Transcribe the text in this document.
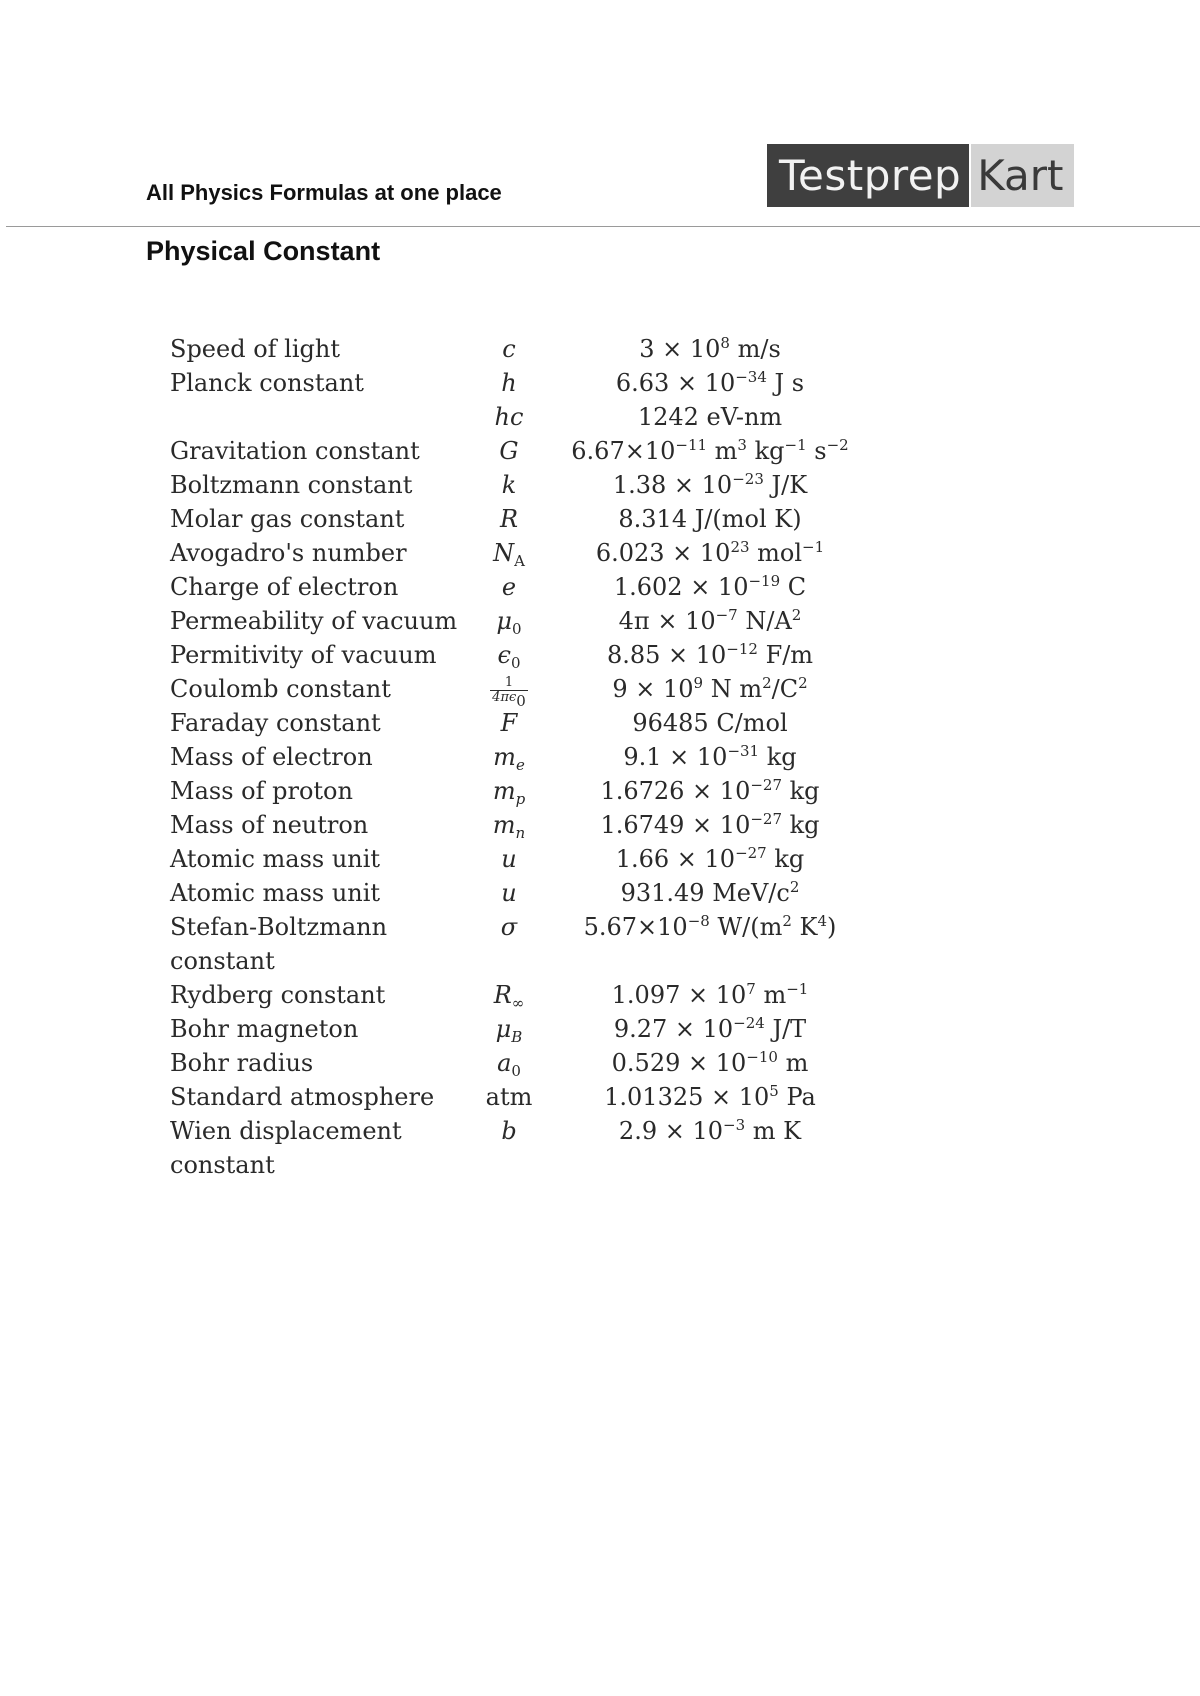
All Physics Formulas at one place	Testprep Kart
Physical Constant
Speed of light	c	$3 \times 10^8$ m/s
Planck constant	h	$6.63 \times 10^{-34}$ J s
	hc	1242 eV-nm
Gravitation constant	G	$6.67\times 10^{-11}$ $m^3$ $kg^{-1}$ $s^{-2}$
Boltzmann constant	k	$1.38 \times 10^{-23}$ J/K
Molar gas constant	R	8.314 J/(mol K)
Avogadro's number	$N_A$	$6.023 \times 10^{23}$ mol$^{-1}$
Charge of electron	e	$1.602 \times 10^{-19}$ C
Permeability of vacuum	$\mu_0$	$4\pi \times 10^{-7}$ $N/A^2$
Permitivity of vacuum	$\epsilon_0$	$8.85 \times 10^{-12}$ F/m
Coulomb constant	$\frac{1}{4\pi\epsilon_0}$	$9 \times 10^9$ N $m^2/C^2$
Faraday constant	F	96485 C/mol
Mass of electron	$m_e$	$9.1 \times 10^{-31}$ kg
Mass of proton	$m_p$	$1.6726 \times 10^{-27}$ kg
Mass of neutron	$m_n$	$1.6749 \times 10^{-27}$ kg
Atomic mass unit	u	$1.66 \times 10^{-27}$ kg
Atomic mass unit	u	931.49 MeV/$c^2$
Stefan-Boltzmann constant	σ	$5.67\times 10^{-8}$ $W/(m^2$ $K^4$)
Rydberg constant	$R_\infty$	$1.097 \times 10^7$ $m^{-1}$
Bohr magneton	$\mu_B$	$9.27 \times 10^{-24}$ J/T
Bohr radius	$a_0$	$0.529 \times 10^{-10}$ m
Standard atmosphere	atm	$1.01325 \times 10^5$ Pa
Wien displacement constant	b	$2.9 \times 10^{-3}$ m K
